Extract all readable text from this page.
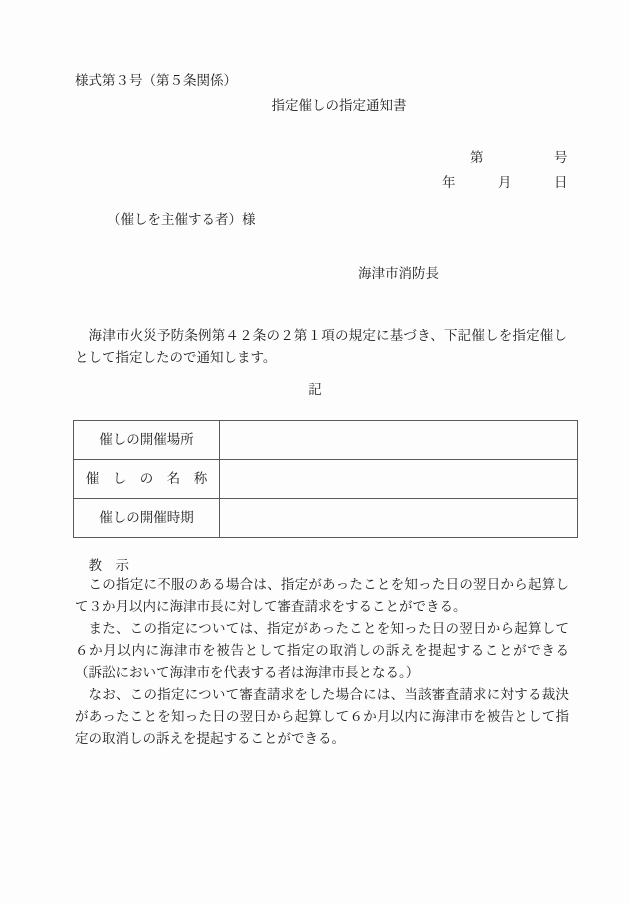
様式第３号（第５条関係）
指定催しの指定通知書
第　　　　　号
年　　　月　　　日
（催しを主催する者）様
海津市消防長
海津市火災予防条例第４２条の２第１項の規定に基づき、下記催しを指定催しとして指定したので通知します。
記
催しの開催場所	
催　し　の　名　称	
催しの開催時期	
教　示

この指定に不服のある場合は、指定があったことを知った日の翌日から起算して３か月以内に海津市長に対して審査請求をすることができる。

また、この指定については、指定があったことを知った日の翌日から起算して６か月以内に海津市を被告として指定の取消しの訴えを提起することができる（訴訟において海津市を代表する者は海津市長となる。）

なお、この指定について審査請求をした場合には、当該審査請求に対する裁決があったことを知った日の翌日から起算して６か月以内に海津市を被告として指定の取消しの訴えを提起することができる。
